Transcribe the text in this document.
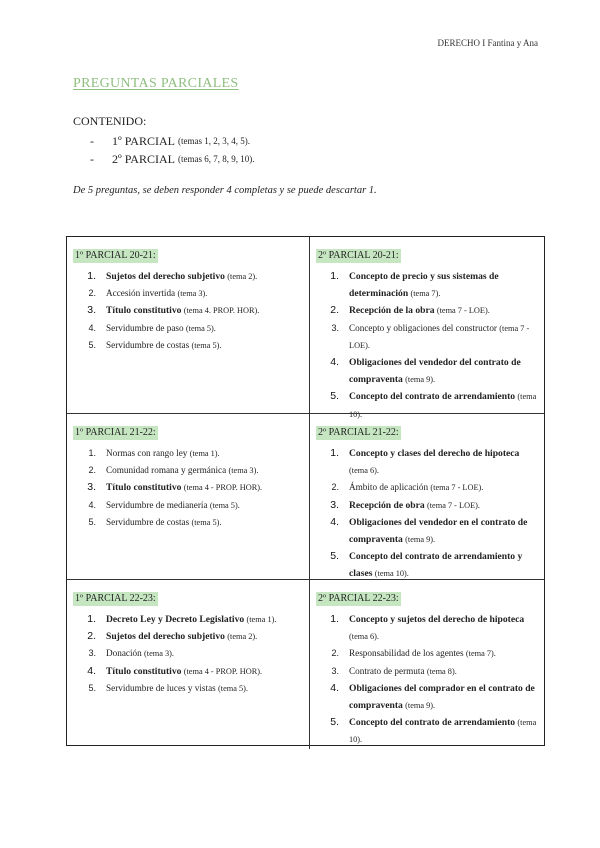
DERECHO I Fantina y Ana
PREGUNTAS PARCIALES
CONTENIDO:
-	1º PARCIAL
(temas 1, 2, 3, 4, 5).
-	2º PARCIAL
(temas 6, 7, 8, 9, 10).
De 5 preguntas, se deben responder 4 completas y se puede descartar 1.
1º PARCIAL 20-21:
1.	Sujetos del derecho subjetivo (tema 2).
2.	Accesión invertida (tema 3).
3.	Título constitutivo (tema 4. PROP. HOR).
4.	Servidumbre de paso (tema 5).
5.	Servidumbre de costas (tema 5).
2º PARCIAL 20-21:
1.	Concepto de precio y sus sistemas de determinación (tema 7).
2.	Recepción de la obra (tema 7 - LOE).
3.	Concepto y obligaciones del constructor (tema 7 - LOE).
4.	Obligaciones del vendedor del contrato de compraventa (tema 9).
5.	Concepto del contrato de arrendamiento (tema 10).
1º PARCIAL 21-22:
1.	Normas con rango ley (tema 1).
2.	Comunidad romana y germánica (tema 3).
3.	Título constitutivo (tema 4 - PROP. HOR).
4.	Servidumbre de medianería (tema 5).
5.	Servidumbre de costas (tema 5).
2º PARCIAL 21-22:
1.	Concepto y clases del derecho de hipoteca (tema 6).
2.	Ámbito de aplicación (tema 7 - LOE).
3.	Recepción de obra (tema 7 - LOE).
4.	Obligaciones del vendedor en el contrato de compraventa (tema 9).
5.	Concepto del contrato de arrendamiento y clases (tema 10).
1º PARCIAL 22-23:
1.	Decreto Ley y Decreto Legislativo (tema 1).
2.	Sujetos del derecho subjetivo (tema 2).
3.	Donación (tema 3).
4.	Título constitutivo (tema 4 - PROP. HOR).
5.	Servidumbre de luces y vistas (tema 5).
2º PARCIAL 22-23:
1.	Concepto y sujetos del derecho de hipoteca (tema 6).
2.	Responsabilidad de los agentes (tema 7).
3.	Contrato de permuta (tema 8).
4.	Obligaciones del comprador en el contrato de compraventa (tema 9).
5.	Concepto del contrato de arrendamiento (tema 10).
